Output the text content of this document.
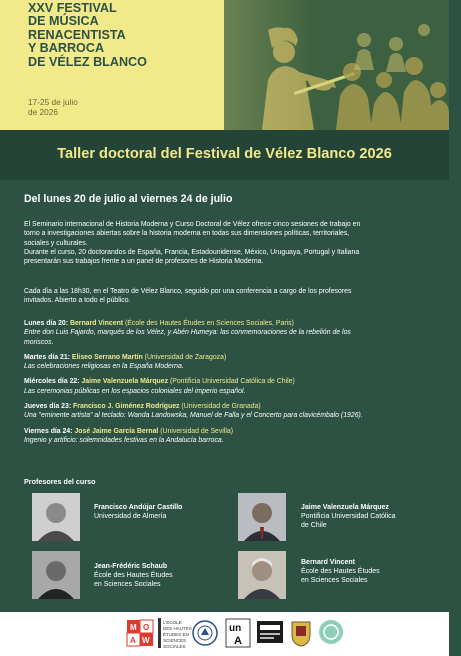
XXV FESTIVAL
DE MÚSICA
RENACENTISTA
Y BARROCA
DE VÉLEZ BLANCO
17-25 de julio
de 2026
Taller doctoral del Festival de Vélez Blanco 2026
Del lunes 20 de julio al viernes 24 de julio
El Seminario internacional de Historia Moderna y Curso Doctoral de Vélez ofrece cinco sesiones de trabajo en
torno a investigaciones abiertas sobre la historia moderna en todas sus dimensiones políticas, territoriales,
sociales y culturales.
Durante el curso, 20 doctorandos de España, Francia, Estadounidense, México, Uruguaya, Portugal y Italiana
presentarán sus trabajos frente a un panel de profesores de Historia Moderna.
Cada día a las 18h30, en el Teatro de Vélez Blanco, seguido por una conferencia a cargo de los profesores
invitados. Abierto a todo el público.
Lunes día 20: Bernard Vincent (École des Hautes Études en Sciences Sociales, Paris)
Entre don Luis Fajardo, marqués de los Vélez, y Abén Humeya: las conmemoraciones de la rebelión de los
moriscos.
Martes día 21: Eliseo Serrano Martín (Universidad de Zaragoza)
Las celebraciones religiosas en la España Moderna.
Miércoles día 22: Jaime Valenzuela Márquez (Pontificia Universidad Católica de Chile)
Las ceremonias públicas en los espacios coloniales del imperio español.
Jueves día 23: Francisco J. Giménez Rodríguez (Universidad de Granada)
Una "eminente artista" al teclado: Wanda Landowska, Manuel de Falla y el Concerto para clavicémbalo (1926).
Viernes día 24: José Jaime García Bernal (Universidad de Sevilla)
Ingenio y artificio: solemnidades festivas en la Andalucía barroca.
Profesores del curso
Francisco Andújar Castillo
Universidad de Almería
Jaime Valenzuela Márquez
Pontificia Universidad Católica
de Chile
Jean-Frédéric Schaub
École des Hautes Études
en Sciences Sociales
Bernard Vincent
École des Hautes Études
en Sciences Sociales
M O
A W
L'ÉCOLE
DES HAUTES
ÉTUDES EN
SCIENCES
SOCIALES
un
A
